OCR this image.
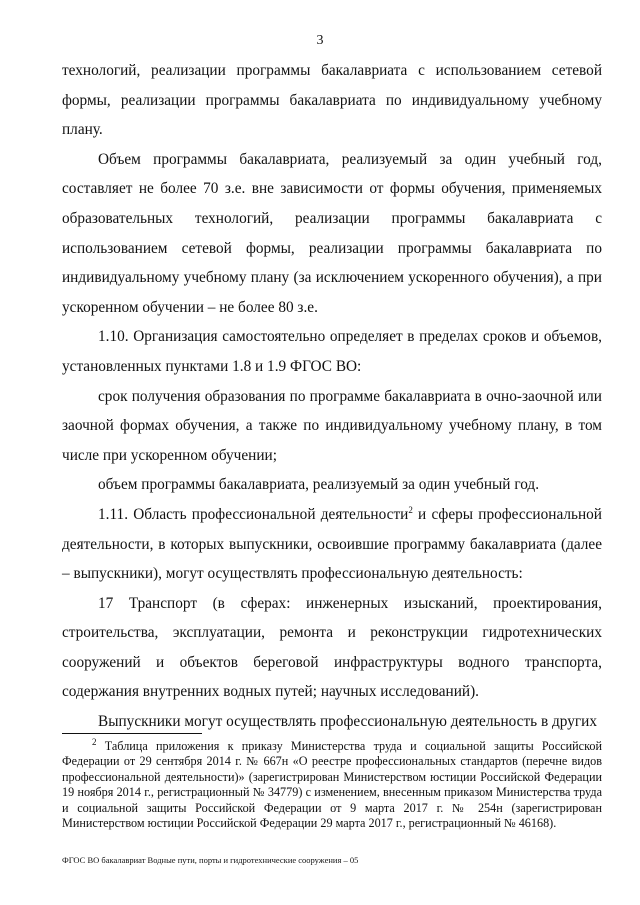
3

технологий, реализации программы бакалавриата с использованием сетевой формы, реализации программы бакалавриата по индивидуальному учебному плану.

Объем программы бакалавриата, реализуемый за один учебный год, составляет не более 70 з.е. вне зависимости от формы обучения, применяемых образовательных технологий, реализации программы бакалавриата с использованием сетевой формы, реализации программы бакалавриата по индивидуальному учебному плану (за исключением ускоренного обучения), а при ускоренном обучении – не более 80 з.е.

1.10. Организация самостоятельно определяет в пределах сроков и объемов, установленных пунктами 1.8 и 1.9 ФГОС ВО:

срок получения образования по программе бакалавриата в очно-заочной или заочной формах обучения, а также по индивидуальному учебному плану, в том числе при ускоренном обучении;

объем программы бакалавриата, реализуемый за один учебный год.

1.11. Область профессиональной деятельности$^2$ и сферы профессиональной деятельности, в которых выпускники, освоившие программу бакалавриата (далее – выпускники), могут осуществлять профессиональную деятельность:

17 Транспорт (в сферах: инженерных изысканий, проектирования, строительства, эксплуатации, ремонта и реконструкции гидротехнических сооружений и объектов береговой инфраструктуры водного транспорта, содержания внутренних водных путей; научных исследований).

Выпускники могут осуществлять профессиональную деятельность в других

$^2$ Таблица приложения к приказу Министерства труда и социальной защиты Российской Федерации от 29 сентября 2014 г. № 667н «О реестре профессиональных стандартов (перечне видов профессиональной деятельности)» (зарегистрирован Министерством юстиции Российской Федерации 19 ноября 2014 г., регистрационный № 34779) с изменением, внесенным приказом Министерства труда и социальной защиты Российской Федерации от 9 марта 2017 г. № 254н (зарегистрирован Министерством юстиции Российской Федерации 29 марта 2017 г., регистрационный № 46168).
ФГОС ВО бакалавриат Водные пути, порты и гидротехнические сооружения – 05
